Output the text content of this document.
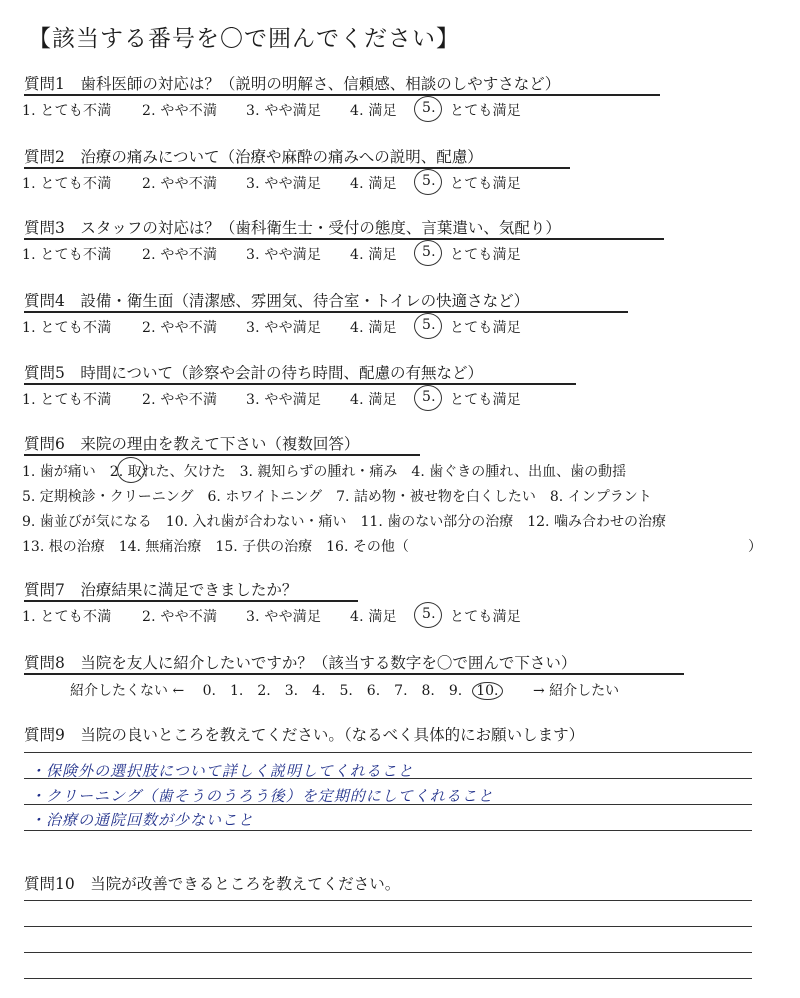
【該当する番号を〇で囲んでください】
質問1　歯科医師の対応は？（説明の明解さ、信頼感、相談のしやすさなど）
1. とても不満 2. やや不満 3. やや満足 4. 満足 5. とても満足
質問2　治療の痛みについて（治療や麻酔の痛みへの説明、配慮）
1. とても不満 2. やや不満 3. やや満足 4. 満足 5. とても満足
質問3　スタッフの対応は？（歯科衛生士・受付の態度、言葉遣い、気配り）
1. とても不満 2. やや不満 3. やや満足 4. 満足 5. とても満足
質問4　設備・衛生面（清潔感、雰囲気、待合室・トイレの快適さなど）
1. とても不満 2. やや不満 3. やや満足 4. 満足 5. とても満足
質問5　時間について（診察や会計の待ち時間、配慮の有無など）
1. とても不満 2. やや不満 3. やや満足 4. 満足 5. とても満足
質問6　来院の理由を教えて下さい（複数回答）
1. 歯が痛い　2. 取れた、欠けた　3. 親知らずの腫れ・痛み　4. 歯ぐきの腫れ、出血、歯の動揺
5. 定期検診・クリーニング　6. ホワイトニング　7. 詰め物・被せ物を白くしたい　8. インプラント
9. 歯並びが気になる　10. 入れ歯が合わない・痛い　11. 歯のない部分の治療　12. 噛み合わせの治療
13. 根の治療　14. 無痛治療　15. 子供の治療　16. その他（	）
質問7　治療結果に満足できましたか？
1. とても不満 2. やや不満 3. やや満足 4. 満足 5. とても満足
質問8　当院を友人に紹介したいですか？（該当する数字を〇で囲んで下さい）
紹介したくない ← 0. 1. 2. 3. 4. 5. 6. 7. 8. 9. 10. → 紹介したい
質問9　当院の良いところを教えてください。（なるべく具体的にお願いします）
・保険外の選択肢について詳しく説明してくれること
・クリーニング（歯そうのうろう後）を定期的にしてくれること
・治療の通院回数が少ないこと
質問10　当院が改善できるところを教えてください。
